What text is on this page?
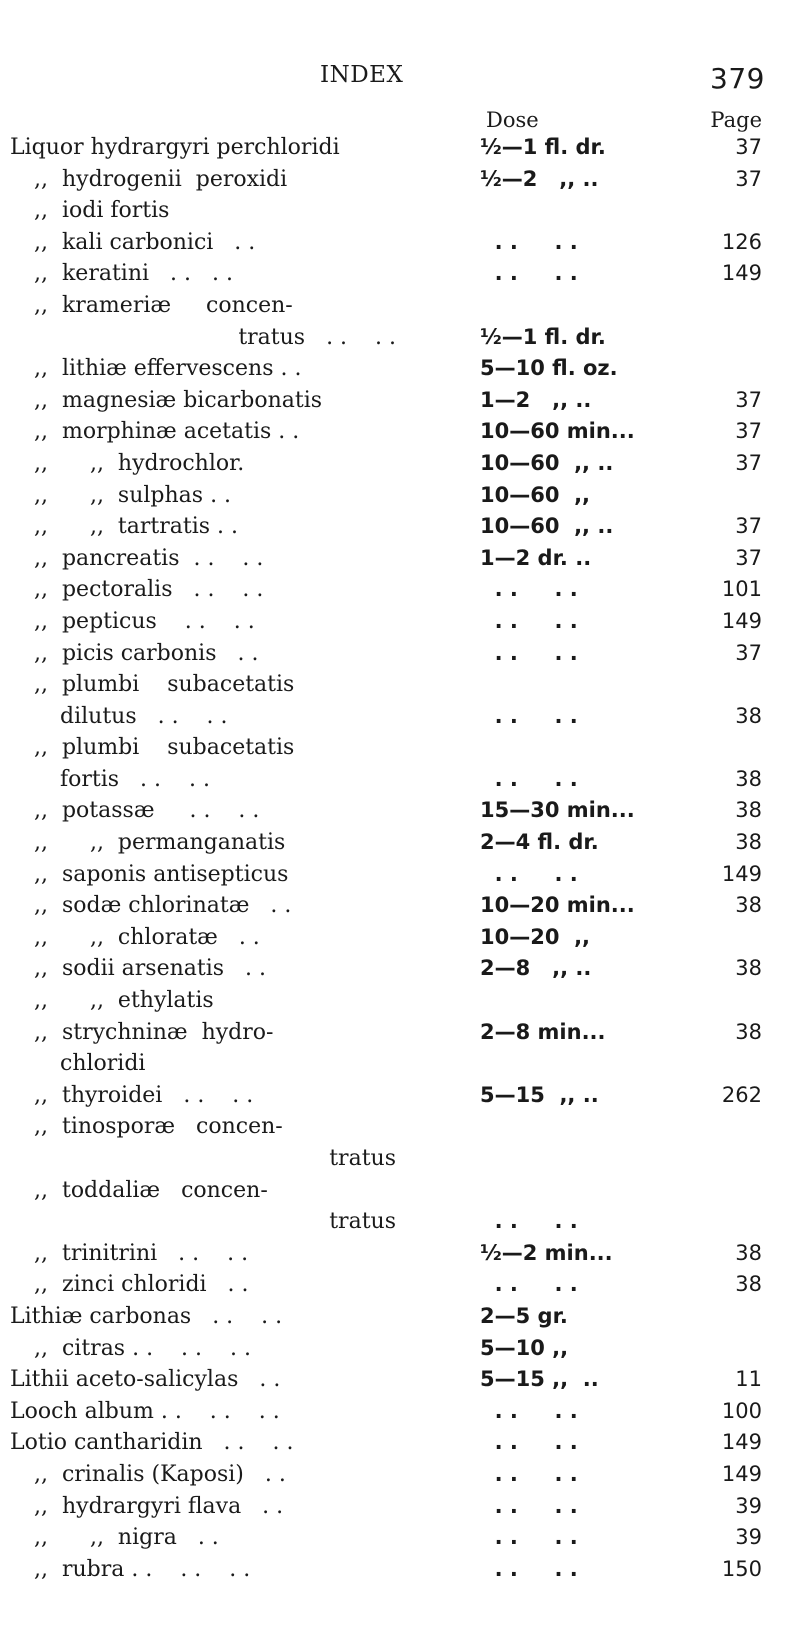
INDEX	379
Dose	Page
Liquor hydrargyri perchloridi	½—1 fl. dr.	37
,,  hydrogenii  peroxidi	½—2   ,, ..	37
,,  iodi fortis
,,  kali carbonici   . .	. .     . .	126
,,  keratini   . .   . .	. .     . .	149
,,  krameriæ     concen-
tratus   . .    . .	½—1 fl. dr.
,,  lithiæ effervescens . .	5—10 fl. oz.
,,  magnesiæ bicarbonatis	1—2   ,, ..	37
,,  morphinæ acetatis . .	10—60 min...	37
,,      ,,  hydrochlor.	10—60  ,, ..	37
,,      ,,  sulphas . .	10—60  ,,
,,      ,,  tartratis . .	10—60  ,, ..	37
,,  pancreatis  . .    . .	1—2 dr. ..	37
,,  pectoralis   . .    . .	. .     . .	101
,,  pepticus    . .    . .	. .     . .	149
,,  picis carbonis   . .	. .     . .	37
,,  plumbi    subacetatis
dilutus   . .    . .	. .     . .	38
,,  plumbi    subacetatis
fortis   . .    . .	. .     . .	38
,,  potassæ     . .    . .	15—30 min...	38
,,      ,,  permanganatis	2—4 fl. dr.	38
,,  saponis antisepticus	. .     . .	149
,,  sodæ chlorinatæ   . .	10—20 min...	38
,,      ,,  chloratæ   . .	10—20  ,,
,,  sodii arsenatis   . .	2—8   ,, ..	38
,,      ,,  ethylatis
,,  strychninæ  hydro-	2—8 min...	38
chloridi
,,  thyroidei   . .    . .	5—15  ,, ..	262
,,  tinosporæ   concen-
tratus
,,  toddaliæ   concen-
tratus	. .     . .
,,  trinitrini   . .    . .	½—2 min...	38
,,  zinci chloridi   . .	. .     . .	38
Lithiæ carbonas   . .    . .	2—5 gr.
,,  citras . .    . .    . .	5—10 ,,
Lithii aceto-salicylas   . .	5—15 ,,  ..	11
Looch album . .    . .    . .	. .     . .	100
Lotio cantharidin   . .    . .	. .     . .	149
,,  crinalis (Kaposi)   . .	. .     . .	149
,,  hydrargyri flava   . .	. .     . .	39
,,      ,,  nigra   . .	. .     . .	39
,,  rubra . .    . .    . .	. .     . .	150
